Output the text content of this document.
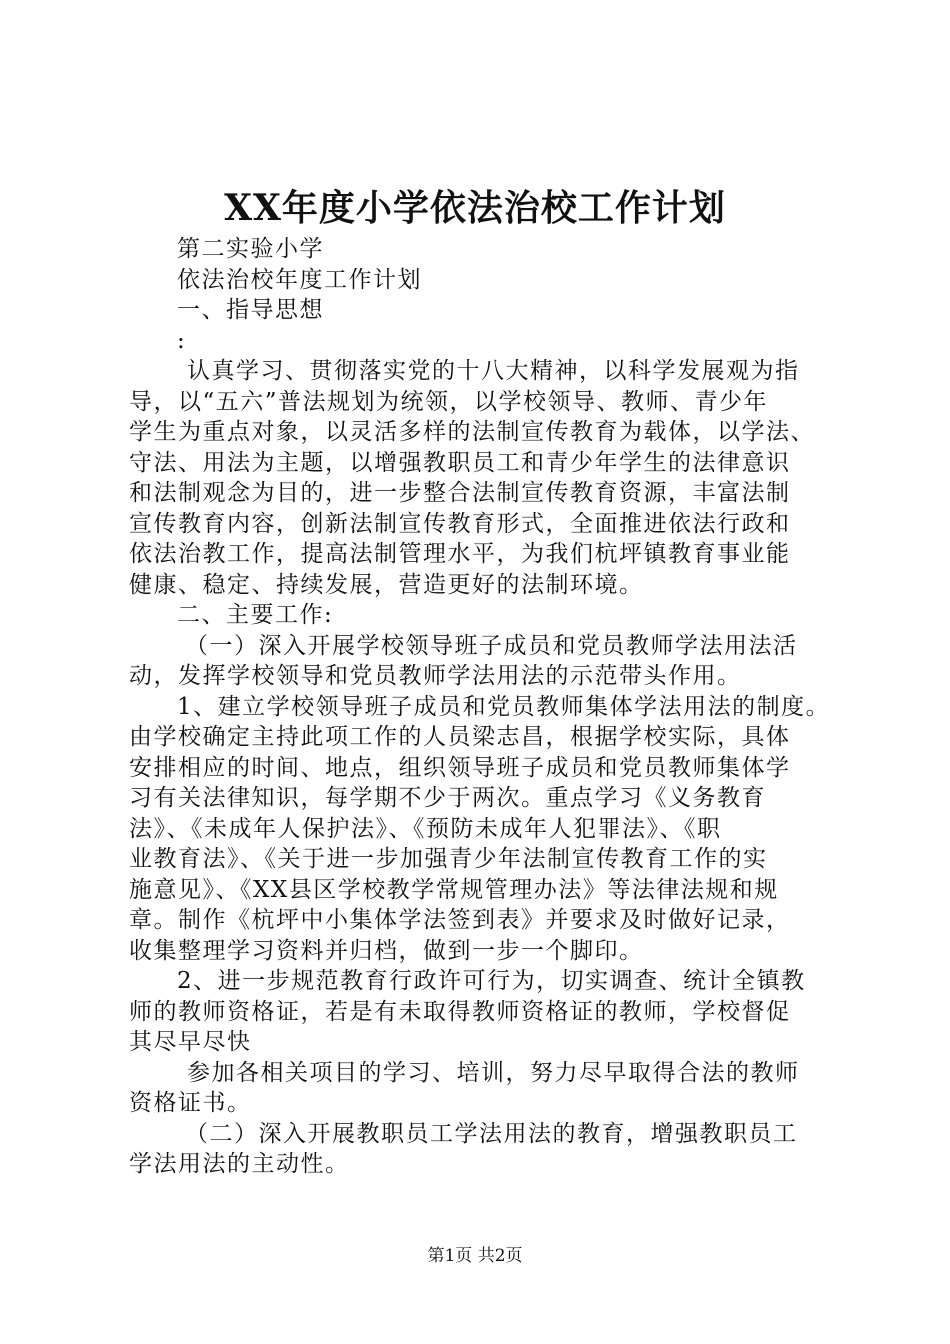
XX年度小学依法治校工作计划
第二实验小学
依法治校年度工作计划
一、指导思想
:
认真学习、贯彻落实党的十八大精神，以科学发展观为指
导，以“五六”普法规划为统领，以学校领导、教师、青少年
学生为重点对象，以灵活多样的法制宣传教育为载体，以学法、
守法、用法为主题，以增强教职员工和青少年学生的法律意识
和法制观念为目的，进一步整合法制宣传教育资源，丰富法制
宣传教育内容，创新法制宣传教育形式，全面推进依法行政和
依法治教工作，提高法制管理水平，为我们杭坪镇教育事业能
健康、稳定、持续发展，营造更好的法制环境。
二、主要工作:
（一）深入开展学校领导班子成员和党员教师学法用法活
动，发挥学校领导和党员教师学法用法的示范带头作用。
1、建立学校领导班子成员和党员教师集体学法用法的制度。
由学校确定主持此项工作的人员梁志昌，根据学校实际，具体
安排相应的时间、地点，组织领导班子成员和党员教师集体学
习有关法律知识，每学期不少于两次。重点学习《义务教育
法》、《未成年人保护法》、《预防未成年人犯罪法》、《职
业教育法》、《关于进一步加强青少年法制宣传教育工作的实
施意见》、《XX县区学校教学常规管理办法》等法律法规和规
章。制作《杭坪中小集体学法签到表》并要求及时做好记录，
收集整理学习资料并归档，做到一步一个脚印。
2、进一步规范教育行政许可行为，切实调查、统计全镇教
师的教师资格证，若是有未取得教师资格证的教师，学校督促
其尽早尽快
参加各相关项目的学习、培训，努力尽早取得合法的教师
资格证书。
（二）深入开展教职员工学法用法的教育，增强教职员工
学法用法的主动性。
第1页 共2页
